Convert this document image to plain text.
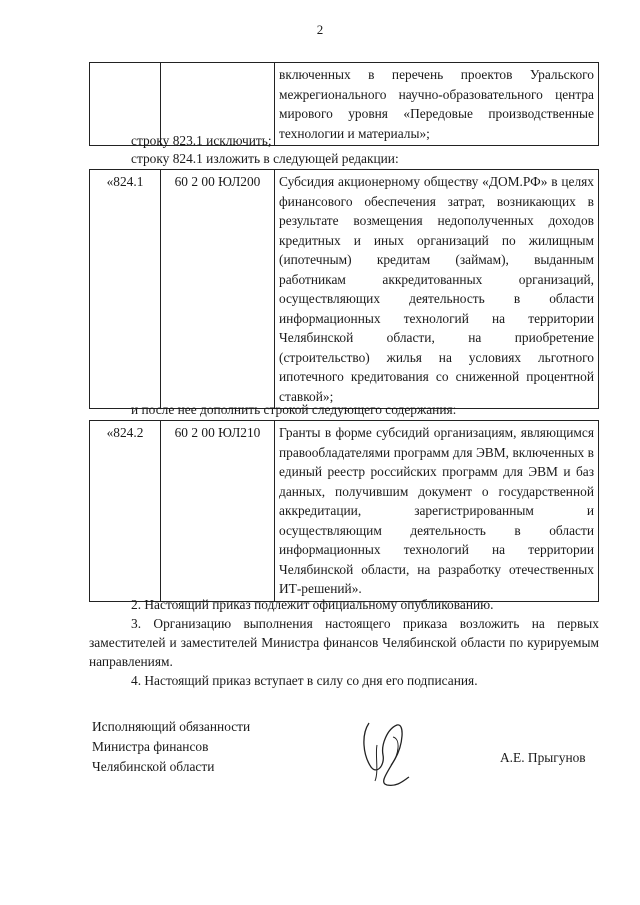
2
		включенных в перечень проектов Уральского межрегионального научно-образовательного центра мирового уровня «Передовые производственные технологии и материалы»;
строку 823.1 исключить;
строку 824.1 изложить в следующей редакции:
«824.1	60 2 00 ЮЛ200	Субсидия акционерному обществу «ДОМ.РФ» в целях финансового обеспечения затрат, возникающих в результате возмещения недополученных доходов кредитных и иных организаций по жилищным (ипотечным) кредитам (займам), выданным работникам аккредитованных организаций, осуществляющих деятельность в области информационных технологий на территории Челябинской области, на приобретение (строительство) жилья на условиях льготного ипотечного кредитования со сниженной процентной ставкой»;
и после нее дополнить строкой следующего содержания:
«824.2	60 2 00 ЮЛ210	Гранты в форме субсидий организациям, являющимся правообладателями программ для ЭВМ, включенных в единый реестр российских программ для ЭВМ и баз данных, получившим документ о государственной аккредитации, зарегистрированным и осуществляющим деятельность в области информационных технологий на территории Челябинской области, на разработку отечественных ИТ-решений».
2. Настоящий приказ подлежит официальному опубликованию.
3. Организацию выполнения настоящего приказа возложить на первых заместителей и заместителей Министра финансов Челябинской области по курируемым направлениям.
4. Настоящий приказ вступает в силу со дня его подписания.
Исполняющий обязанности
Министра финансов
Челябинской области
А.Е. Прыгунов
